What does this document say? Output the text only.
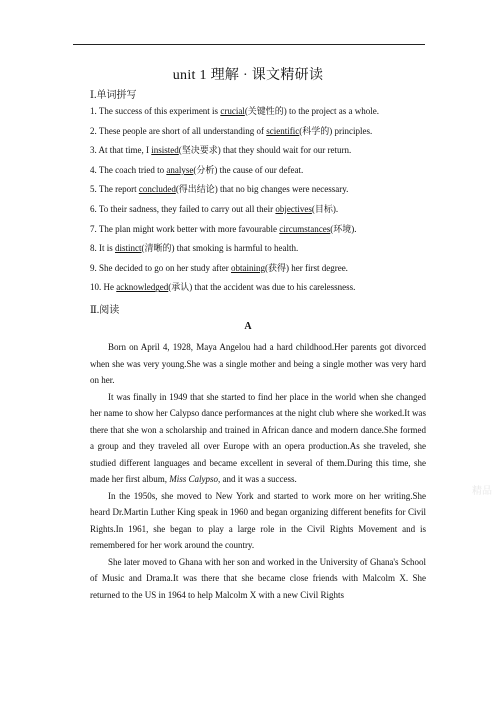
unit 1 理解 · 课文精研读
Ⅰ.单词拼写
1. The success of this experiment is crucial(关键性的) to the project as a whole.
2. These people are short of all understanding of scientific(科学的) principles.
3. At that time, I insisted(坚决要求) that they should wait for our return.
4. The coach tried to analyse(分析) the cause of our defeat.
5. The report concluded(得出结论) that no big changes were necessary.
6. To their sadness, they failed to carry out all their objectives(目标).
7. The plan might work better with more favourable circumstances(环境).
8. It is distinct(清晰的) that smoking is harmful to health.
9. She decided to go on her study after obtaining(获得) her first degree.
10. He acknowledged(承认) that the accident was due to his carelessness.
Ⅱ.阅读
A

Born on April 4, 1928, Maya Angelou had a hard childhood.Her parents got divorced when she was very young.She was a single mother and being a single mother was very hard on her.

It was finally in 1949 that she started to find her place in the world when she changed her name to show her Calypso dance performances at the night club where she worked.It was there that she won a scholarship and trained in African dance and modern dance.She formed a group and they traveled all over Europe with an opera production.As she traveled, she studied different languages and became excellent in several of them.During this time, she made her first album, Miss Calypso, and it was a success.

In the 1950s, she moved to New York and started to work more on her writing.She heard Dr.Martin Luther King speak in 1960 and began organizing different benefits for Civil Rights.In 1961, she began to play a large role in the Civil Rights Movement and is remembered for her work around the country.

She later moved to Ghana with her son and worked in the University of Ghana's School of Music and Drama.It was there that she became close friends with Malcolm X. She returned to the US in 1964 to help Malcolm X with a new Civil Rights

精品
